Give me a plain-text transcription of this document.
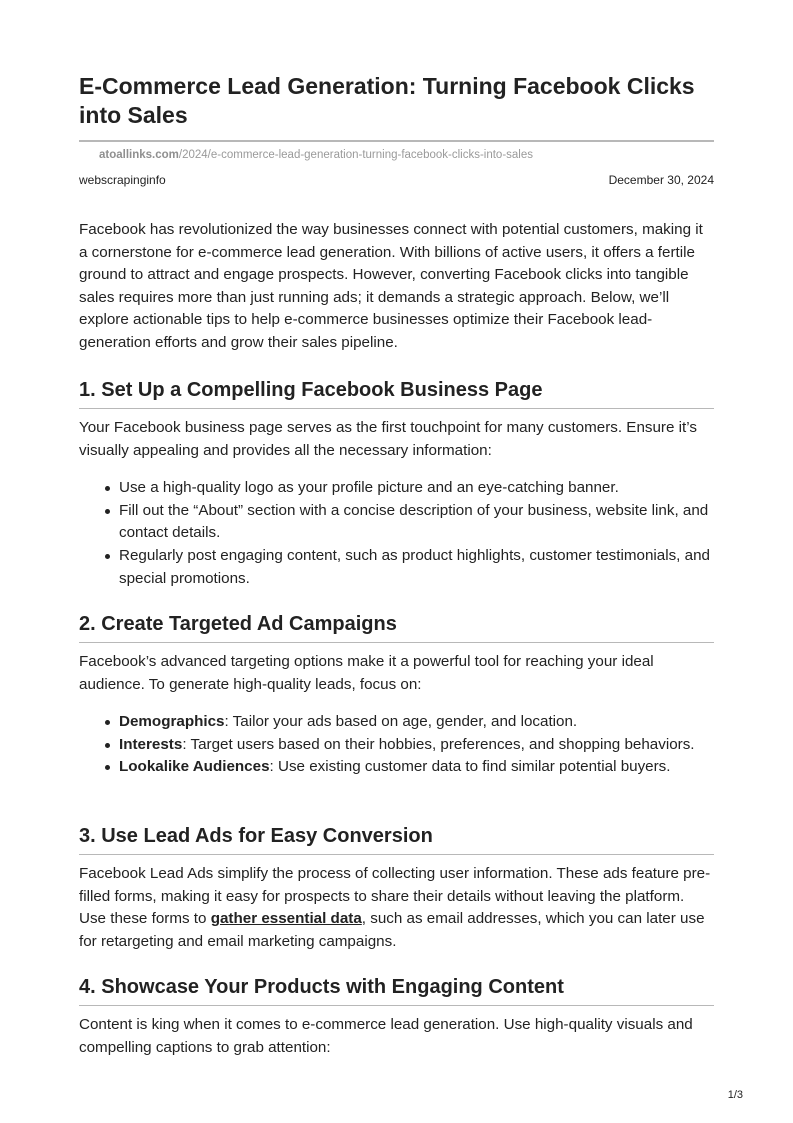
E-Commerce Lead Generation: Turning Facebook Clicks into Sales
atoallinks.com/2024/e-commerce-lead-generation-turning-facebook-clicks-into-sales
webscrapinginfo	December 30, 2024

Facebook has revolutionized the way businesses connect with potential customers, making it a cornerstone for e-commerce lead generation. With billions of active users, it offers a fertile ground to attract and engage prospects. However, converting Facebook clicks into tangible sales requires more than just running ads; it demands a strategic approach. Below, we’ll explore actionable tips to help e-commerce businesses optimize their Facebook lead-generation efforts and grow their sales pipeline.

1. Set Up a Compelling Facebook Business Page

Your Facebook business page serves as the first touchpoint for many customers. Ensure it’s visually appealing and provides all the necessary information:

Use a high-quality logo as your profile picture and an eye-catching banner.
Fill out the “About” section with a concise description of your business, website link, and contact details.
Regularly post engaging content, such as product highlights, customer testimonials, and special promotions.
2. Create Targeted Ad Campaigns

Facebook’s advanced targeting options make it a powerful tool for reaching your ideal audience. To generate high-quality leads, focus on:

Demographics: Tailor your ads based on age, gender, and location.
Interests: Target users based on their hobbies, preferences, and shopping behaviors.
Lookalike Audiences: Use existing customer data to find similar potential buyers.
3. Use Lead Ads for Easy Conversion

Facebook Lead Ads simplify the process of collecting user information. These ads feature pre-filled forms, making it easy for prospects to share their details without leaving the platform. Use these forms to gather essential data, such as email addresses, which you can later use for retargeting and email marketing campaigns.

4. Showcase Your Products with Engaging Content

Content is king when it comes to e-commerce lead generation. Use high-quality visuals and compelling captions to grab attention:

1/3
